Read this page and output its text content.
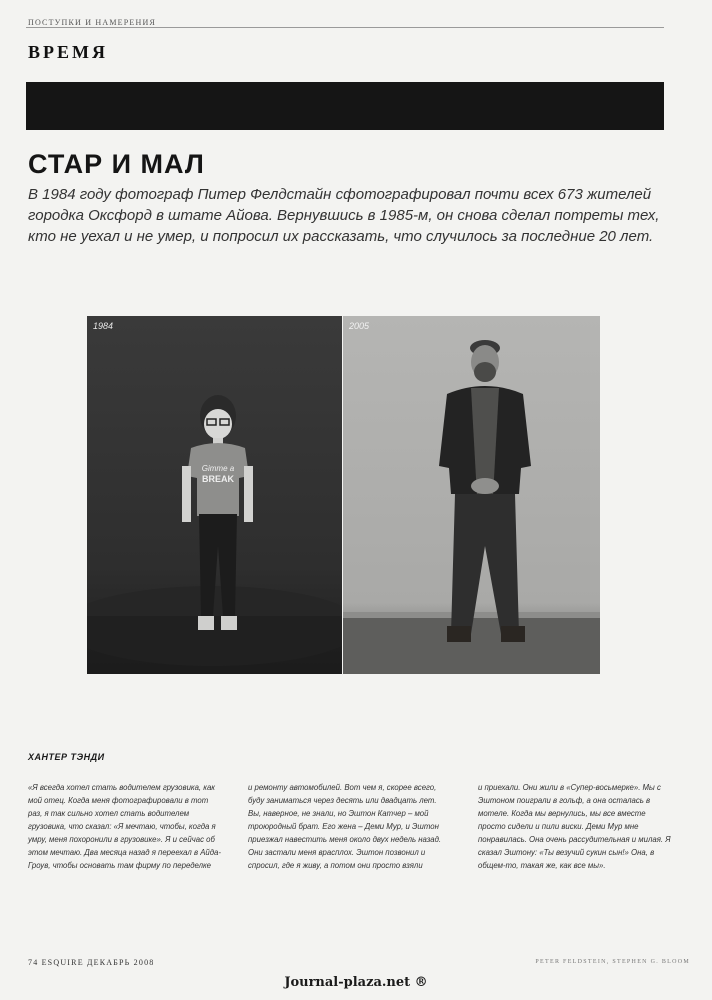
ПОСТУПКИ И НАМЕРЕНИЯ
ВРЕМЯ
СТАР И МАЛ
В 1984 году фотограф Питер Фелдстайн сфотографировал почти всех 673 жителей городка Оксфорд в штате Айова. Вернувшись в 1985-м, он снова сделал потреты тех, кто не уехал и не умер, и попросил их рассказать, что случилось за последние 20 лет.
Gimme a
BREAK
1984	2005
ХАНТЕР ТЭНДИ
«Я всегда хотел стать водителем грузовика, как мой отец. Когда меня фотографировали в тот раз, я так сильно хотел стать водителем грузовика, что сказал: «Я мечтаю, чтобы, когда я умру, меня похоронили в грузовике». Я и сейчас об этом мечтаю. Два месяца назад я переехал в Айда-Гроув, чтобы основать там фирму по переделке
и ремонту автомобилей. Вот чем я, скорее всего, буду заниматься через десять или двадцать лет. Вы, наверное, не знали, но Эштон Катчер – мой троюродный брат. Его жена – Деми Мур, и Эштон приезжал навестить меня около двух недель назад. Они застали меня врасплох. Эштон позвонил и спросил, где я живу, а потом они просто взяли
и приехали. Они жили в «Супер-восьмерке». Мы с Эштоном поиграли в гольф, а она осталась в мотеле. Когда мы вернулись, мы все вместе просто сидели и пили виски. Деми Мур мне понравилась. Она очень рассудительная и милая. Я сказал Эштону: «Ты везучий сукин сын!» Она, в общем-то, такая же, как все мы».
74 ESQUIRE ДЕКАБРЬ 2008	PETER FELDSTEIN, STEPHEN G. BLOOM
Journal-plaza.net ®
